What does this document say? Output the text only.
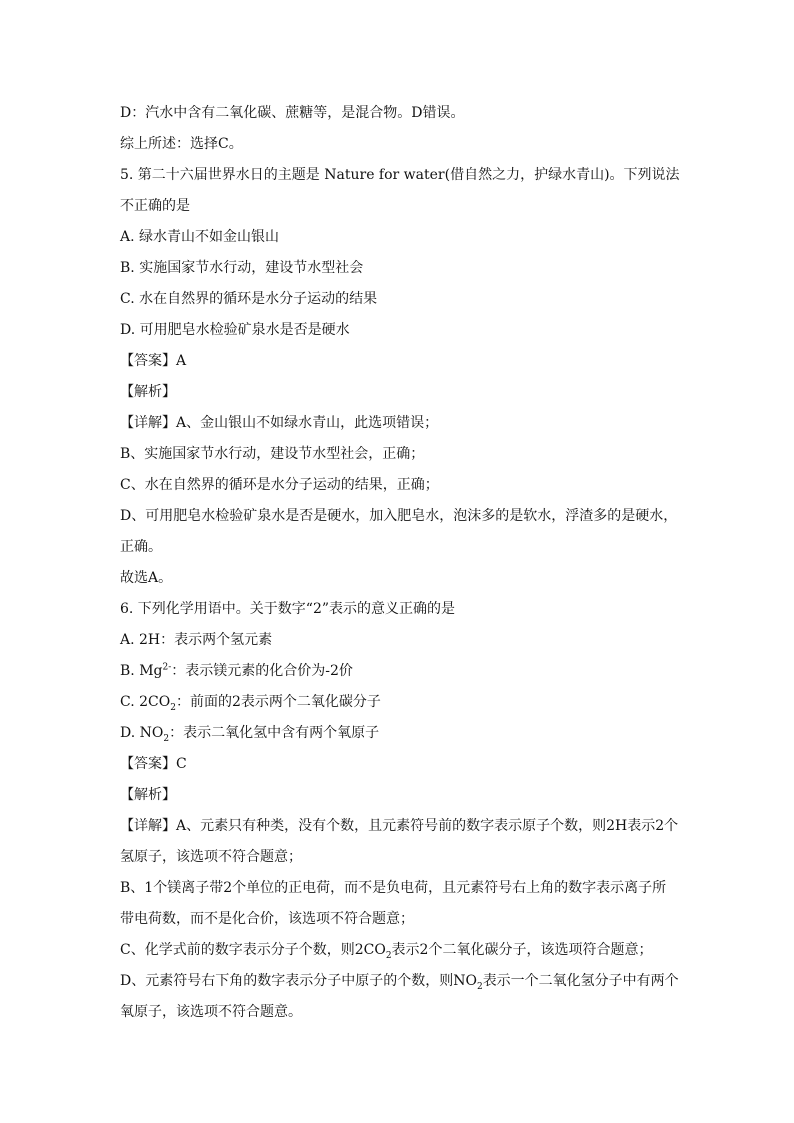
D：汽水中含有二氧化碳、蔗糖等，是混合物。D错误。
综上所述：选择C。
5. 第二十六届世界水日的主题是 Nature for water(借自然之力，护绿水青山)。下列说法
不正确的是
A. 绿水青山不如金山银山
B. 实施国家节水行动，建设节水型社会
C. 水在自然界的循环是水分子运动的结果
D. 可用肥皂水检验矿泉水是否是硬水
【答案】A
【解析】
【详解】A、金山银山不如绿水青山，此选项错误；
B、实施国家节水行动，建设节水型社会，正确；
C、水在自然界的循环是水分子运动的结果，正确；
D、可用肥皂水检验矿泉水是否是硬水，加入肥皂水，泡沫多的是软水，浮渣多的是硬水，
正确。
故选A。
6. 下列化学用语中。关于数字“2”表示的意义正确的是
A. 2H：表示两个氢元素
B. $Mg^{2-}$：表示镁元素的化合价为-2价
C. $2CO_2$：前面的2表示两个二氧化碳分子
D. $NO_2$：表示二氧化氢中含有两个氧原子
【答案】C
【解析】
【详解】A、元素只有种类，没有个数，且元素符号前的数字表示原子个数，则2H表示2个
氢原子，该选项不符合题意；
B、1个镁离子带2个单位的正电荷，而不是负电荷，且元素符号右上角的数字表示离子所
带电荷数，而不是化合价，该选项不符合题意；
C、化学式前的数字表示分子个数，则$2CO_2$表示2个二氧化碳分子，该选项符合题意；
D、元素符号右下角的数字表示分子中原子的个数，则$NO_2$表示一个二氧化氢分子中有两个
氧原子，该选项不符合题意。
